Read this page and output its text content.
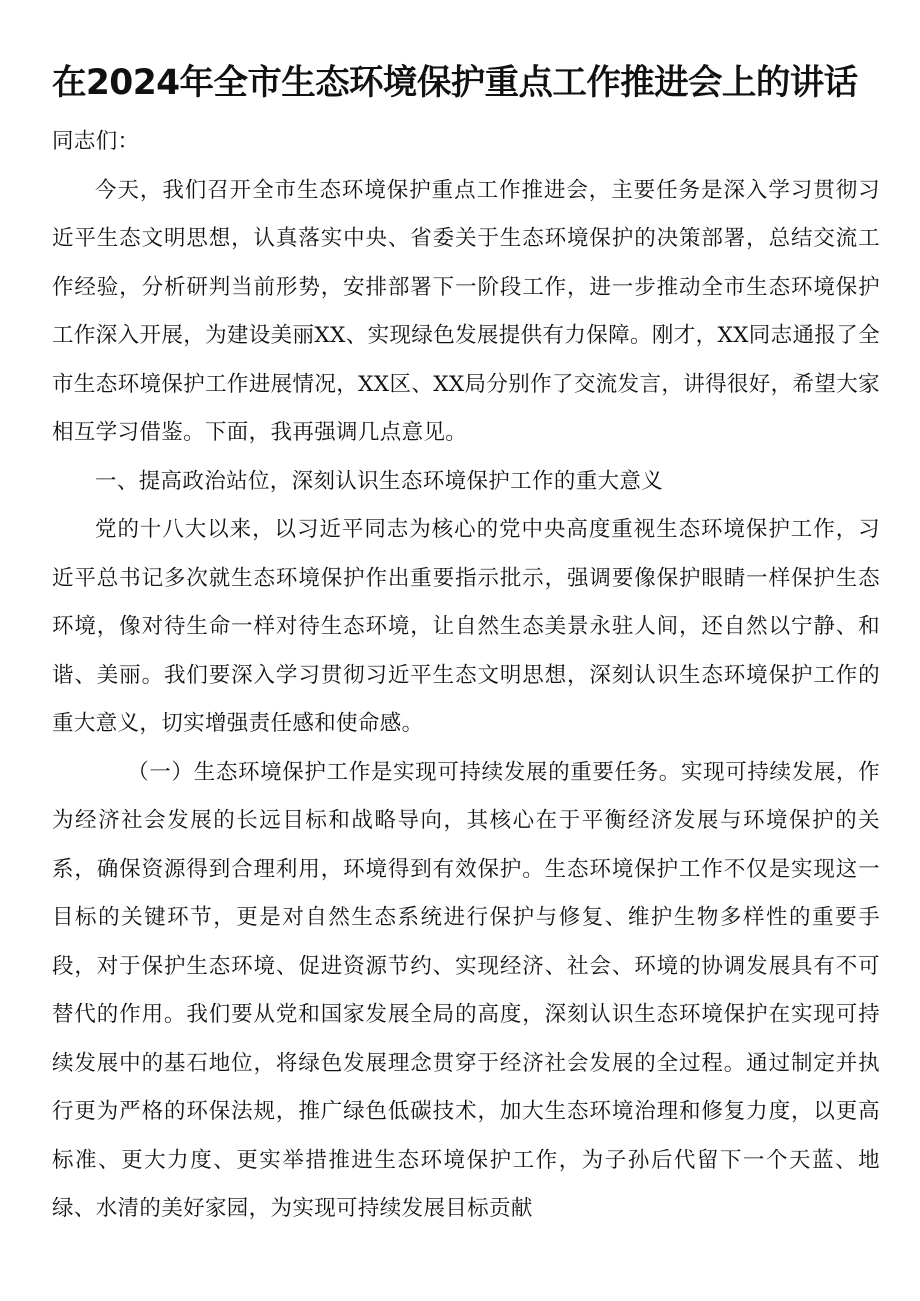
在2024年全市生态环境保护重点工作推进会上的讲话

同志们：

今天，我们召开全市生态环境保护重点工作推进会，主要任务是深入学习贯彻习近平生态文明思想，认真落实中央、省委关于生态环境保护的决策部署，总结交流工作经验，分析研判当前形势，安排部署下一阶段工作，进一步推动全市生态环境保护工作深入开展，为建设美丽XX、实现绿色发展提供有力保障。刚才，XX同志通报了全市生态环境保护工作进展情况，XX区、XX局分别作了交流发言，讲得很好，希望大家相互学习借鉴。下面，我再强调几点意见。

一、提高政治站位，深刻认识生态环境保护工作的重大意义

党的十八大以来，以习近平同志为核心的党中央高度重视生态环境保护工作，习近平总书记多次就生态环境保护作出重要指示批示，强调要像保护眼睛一样保护生态环境，像对待生命一样对待生态环境，让自然生态美景永驻人间，还自然以宁静、和谐、美丽。我们要深入学习贯彻习近平生态文明思想，深刻认识生态环境保护工作的重大意义，切实增强责任感和使命感。

（一）生态环境保护工作是实现可持续发展的重要任务。实现可持续发展，作为经济社会发展的长远目标和战略导向，其核心在于平衡经济发展与环境保护的关系，确保资源得到合理利用，环境得到有效保护。生态环境保护工作不仅是实现这一目标的关键环节，更是对自然生态系统进行保护与修复、维护生物多样性的重要手段，对于保护生态环境、促进资源节约、实现经济、社会、环境的协调发展具有不可替代的作用。我们要从党和国家发展全局的高度，深刻认识生态环境保护在实现可持续发展中的基石地位，将绿色发展理念贯穿于经济社会发展的全过程。通过制定并执行更为严格的环保法规，推广绿色低碳技术，加大生态环境治理和修复力度，以更高标准、更大力度、更实举措推进生态环境保护工作，为子孙后代留下一个天蓝、地绿、水清的美好家园，为实现可持续发展目标贡献
